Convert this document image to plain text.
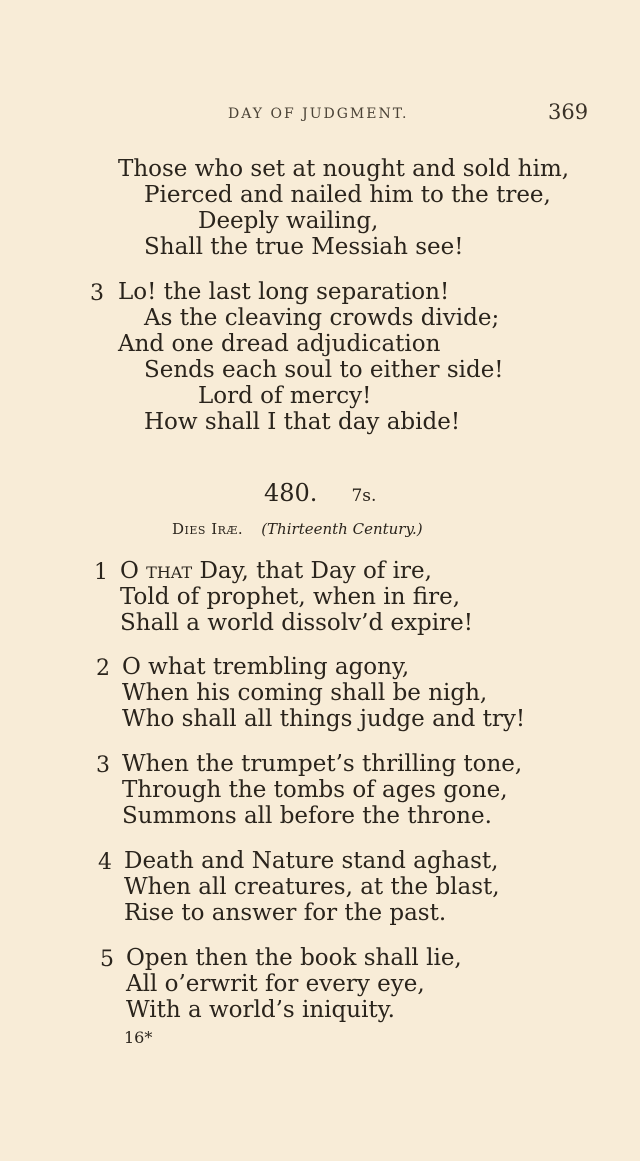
DAY OF JUDGMENT.	369
Those who set at nought and sold him,
Pierced and nailed him to the tree,
Deeply wailing,
Shall the true Messiah see!
3 Lo! the last long separation!
As the cleaving crowds divide;
And one dread adjudication
Sends each soul to either side!
Lord of mercy!
How shall I that day abide!
480. 7s.
Dies Iræ. (Thirteenth Century.)
1 O that Day, that Day of ire,
Told of prophet, when in fire,
Shall a world dissolv’d expire!
2 O what trembling agony,
When his coming shall be nigh,
Who shall all things judge and try!
3 When the trumpet’s thrilling tone,
Through the tombs of ages gone,
Summons all before the throne.
4 Death and Nature stand aghast,
When all creatures, at the blast,
Rise to answer for the past.
5 Open then the book shall lie,
All o’erwrit for every eye,
With a world’s iniquity.
16*
